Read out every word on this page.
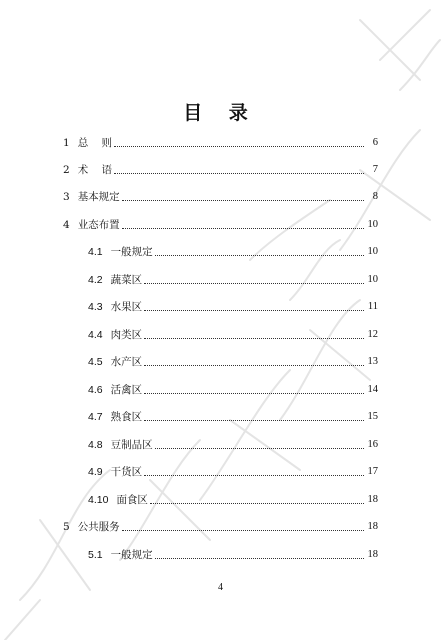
目 录
1 总    则	6
2 术    语	7
3 基本规定	8
4 业态布置	10
4.1 一般规定	10
4.2 蔬菜区	10
4.3 水果区	11
4.4 肉类区	12
4.5 水产区	13
4.6 活禽区	14
4.7 熟食区	15
4.8 豆制品区	16
4.9 干货区	17
4.10 面食区	18
5 公共服务	18
5.1 一般规定	18
4
